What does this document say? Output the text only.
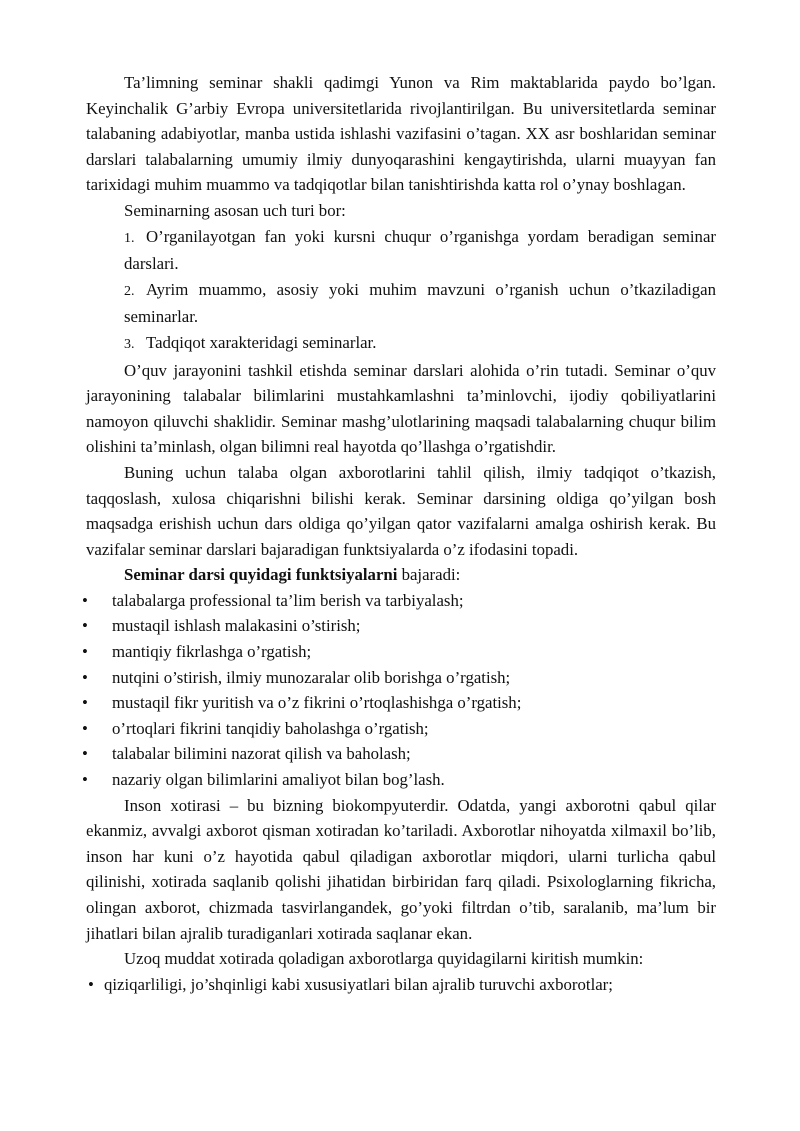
Ta’limning seminar shakli qadimgi Yunon va Rim maktablarida paydo bo’lgan. Keyinchalik G’arbiy Evropa universitetlarida rivojlantirilgan. Bu universitetlarda seminar talabaning adabiyotlar, manba ustida ishlashi vazifasini o’tagan. XX asr boshlaridan seminar darslari talabalarning umumiy ilmiy dunyoqarashini kengaytirishda, ularni muayyan fan tarixidagi muhim muammo va tadqiqotlar bilan tanishtirishda katta rol o’ynay boshlagan.

Seminarning asosan uch turi bor:

1. O’rganilayotgan fan yoki kursni chuqur o’rganishga yordam beradigan seminar darslari.

2. Ayrim muammo, asosiy yoki muhim mavzuni o’rganish uchun o’tkaziladigan seminarlar.

3. Tadqiqot xarakteridagi seminarlar.

O’quv jarayonini tashkil etishda seminar darslari alohida o’rin tutadi. Seminar o’quv jarayonining talabalar bilimlarini mustahkamlashni ta’minlovchi, ijodiy qobiliyatlarini namoyon qiluvchi shaklidir. Seminar mashg’ulotlarining maqsadi talabalarning chuqur bilim olishini ta’minlash, olgan bilimni real hayotda qo’llashga o’rgatishdir.

Buning uchun talaba olgan axborotlarini tahlil qilish, ilmiy tadqiqot o’tkazish, taqqoslash, xulosa chiqarishni bilishi kerak. Seminar darsining oldiga qo’yilgan bosh maqsadga erishish uchun dars oldiga qo’yilgan qator vazifalarni amalga oshirish kerak. Bu vazifalar seminar darslari bajaradigan funktsiyalarda o’z ifodasini topadi.

Seminar darsi quyidagi funktsiyalarni bajaradi:

•	talabalarga professional ta’lim berish va tarbiyalash;
•	mustaqil ishlash malakasini o’stirish;
•	mantiqiy fikrlashga o’rgatish;
•	nutqini o’stirish, ilmiy munozaralar olib borishga o’rgatish;
•	mustaqil fikr yuritish va o’z fikrini o’rtoqlashishga o’rgatish;
•	o’rtoqlari fikrini tanqidiy baholashga o’rgatish;
•	talabalar bilimini nazorat qilish va baholash;
•	nazariy olgan bilimlarini amaliyot bilan bog’lash.

Inson xotirasi – bu bizning biokompyuterdir. Odatda, yangi axborotni qabul qilar ekanmiz, avvalgi axborot qisman xotiradan ko’tariladi. Axborotlar nihoyatda xilmaxil bo’lib, inson har kuni o’z hayotida qabul qiladigan axborotlar miqdori, ularni turlicha qabul qilinishi, xotirada saqlanib qolishi jihatidan birbiridan farq qiladi. Psixologlarning fikricha, olingan axborot, chizmada tasvirlangandek, go’yoki filtrdan o’tib, saralanib, ma’lum bir jihatlari bilan ajralib turadiganlari xotirada saqlanar ekan.

Uzoq muddat xotirada qoladigan axborotlarga quyidagilarni kiritish mumkin:

• qiziqarliligi, jo’shqinligi kabi xususiyatlari bilan ajralib turuvchi axborotlar;
